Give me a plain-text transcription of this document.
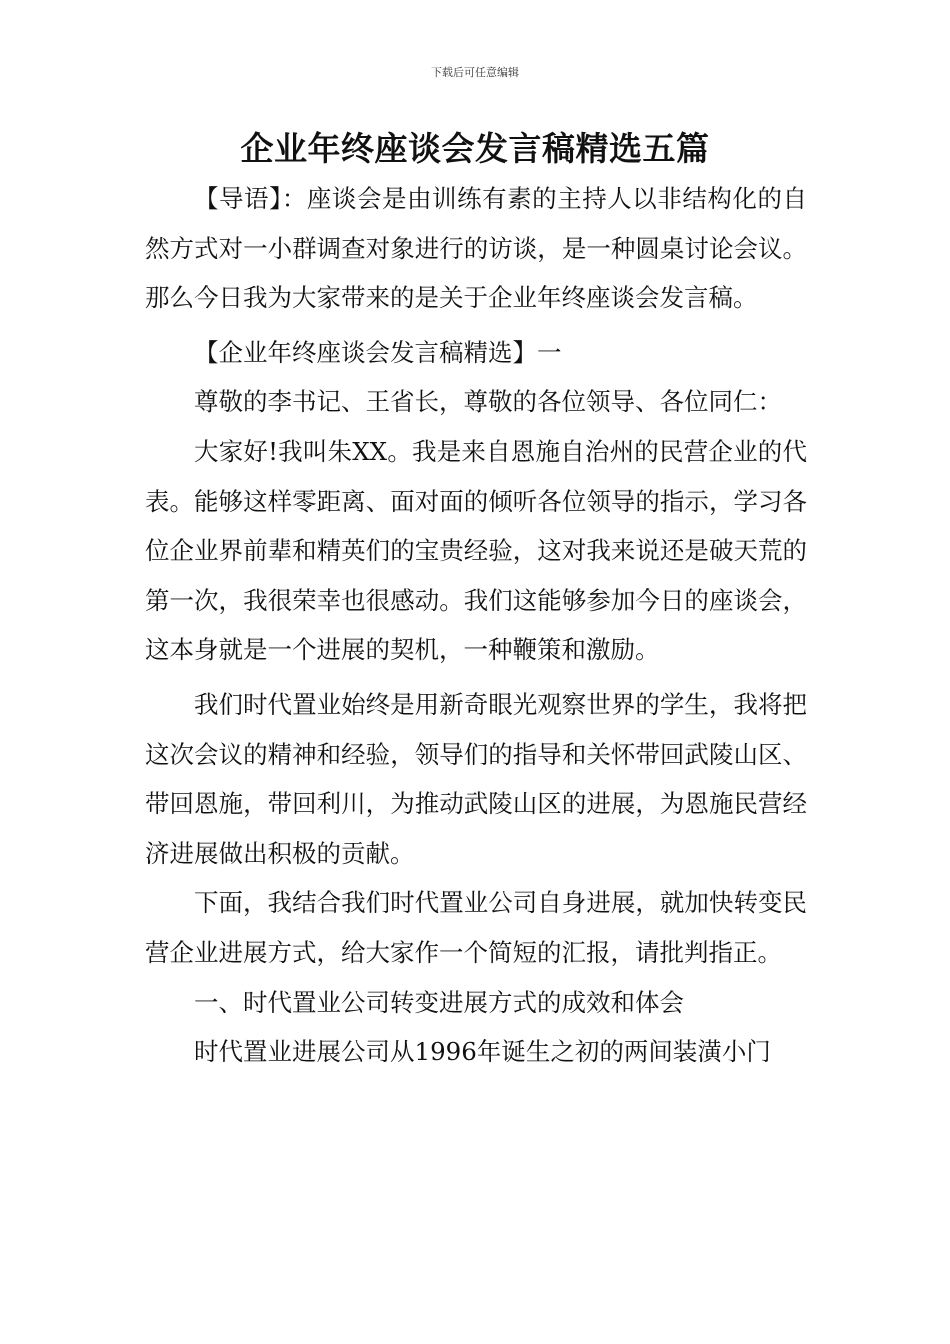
下载后可任意编辑
企业年终座谈会发言稿精选五篇

【导语】：座谈会是由训练有素的主持人以非结构化的自然方式对一小群调查对象进行的访谈，是一种圆桌讨论会议。那么今日我为大家带来的是关于企业年终座谈会发言稿。

【企业年终座谈会发言稿精选】一

尊敬的李书记、王省长，尊敬的各位领导、各位同仁：

大家好!我叫朱XX。我是来自恩施自治州的民营企业的代表。能够这样零距离、面对面的倾听各位领导的指示，学习各位企业界前辈和精英们的宝贵经验，这对我来说还是破天荒的第一次，我很荣幸也很感动。我们这能够参加今日的座谈会，这本身就是一个进展的契机，一种鞭策和激励。

我们时代置业始终是用新奇眼光观察世界的学生，我将把这次会议的精神和经验，领导们的指导和关怀带回武陵山区、带回恩施，带回利川，为推动武陵山区的进展，为恩施民营经济进展做出积极的贡献。

下面，我结合我们时代置业公司自身进展，就加快转变民营企业进展方式，给大家作一个简短的汇报，请批判指正。

一、时代置业公司转变进展方式的成效和体会

时代置业进展公司从1996年诞生之初的两间装潢小门
